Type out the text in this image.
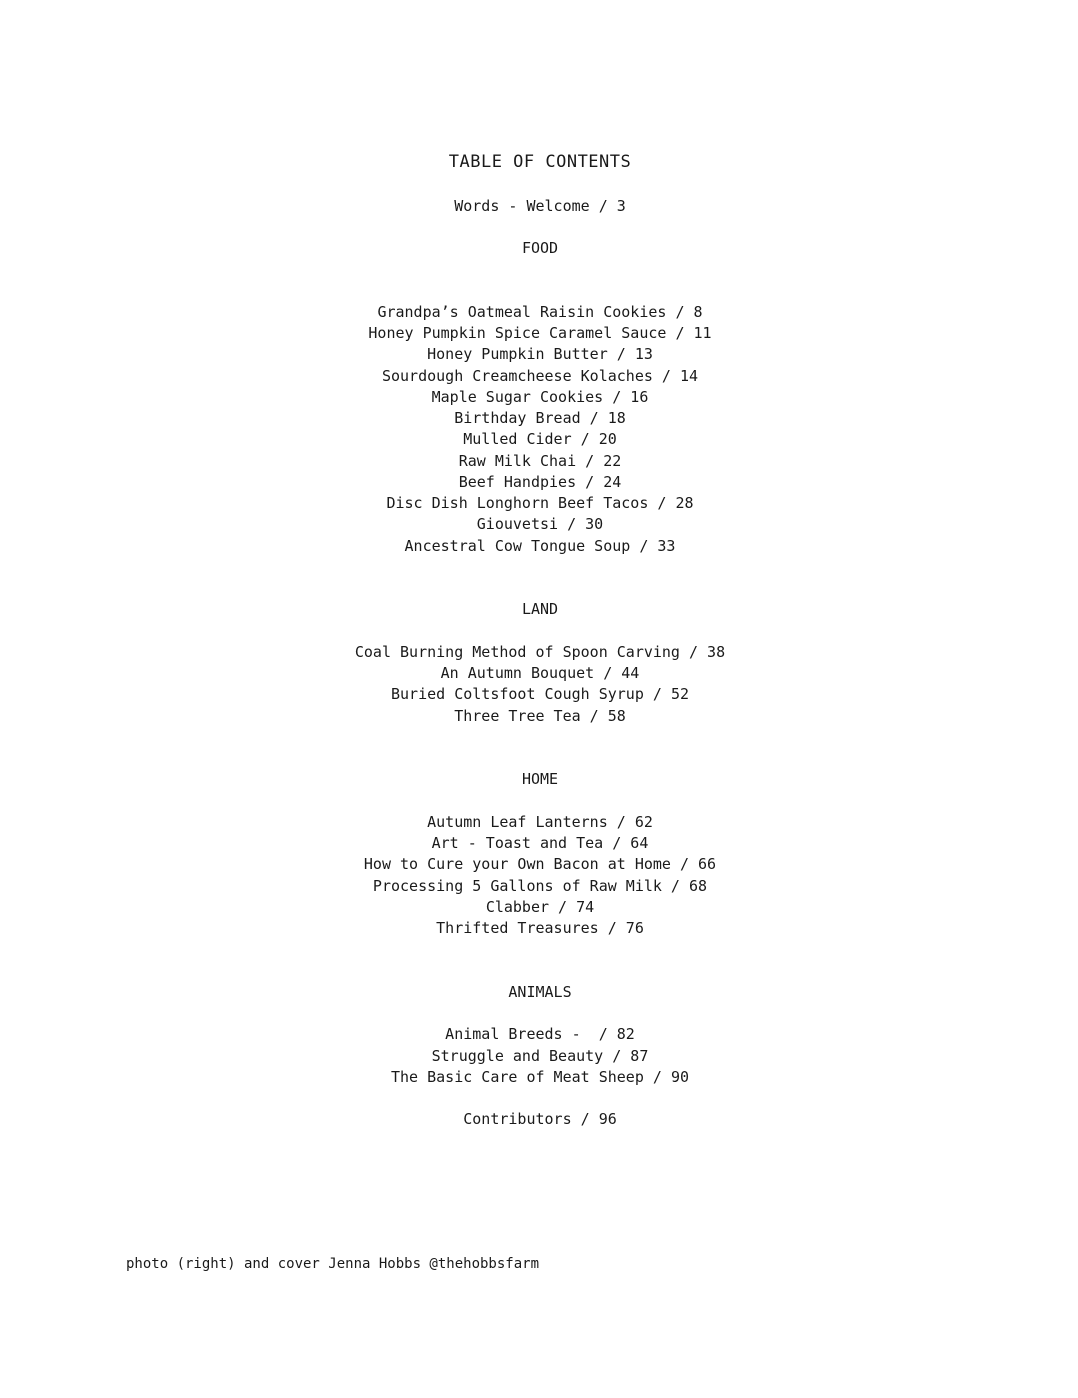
TABLE OF CONTENTS
Words - Welcome / 3
FOOD
Grandpa’s Oatmeal Raisin Cookies / 8
Honey Pumpkin Spice Caramel Sauce / 11
Honey Pumpkin Butter / 13
Sourdough Creamcheese Kolaches / 14
Maple Sugar Cookies / 16
Birthday Bread / 18
Mulled Cider / 20
Raw Milk Chai / 22
Beef Handpies / 24
Disc Dish Longhorn Beef Tacos / 28
Giouvetsi / 30
Ancestral Cow Tongue Soup / 33
LAND
Coal Burning Method of Spoon Carving / 38
An Autumn Bouquet / 44
Buried Coltsfoot Cough Syrup / 52
Three Tree Tea / 58
HOME
Autumn Leaf Lanterns / 62
Art - Toast and Tea / 64
How to Cure your Own Bacon at Home / 66
Processing 5 Gallons of Raw Milk / 68
Clabber / 74
Thrifted Treasures / 76
ANIMALS
Animal Breeds -  / 82
Struggle and Beauty / 87
The Basic Care of Meat Sheep / 90
Contributors / 96
photo (right) and cover Jenna Hobbs @thehobbsfarm
